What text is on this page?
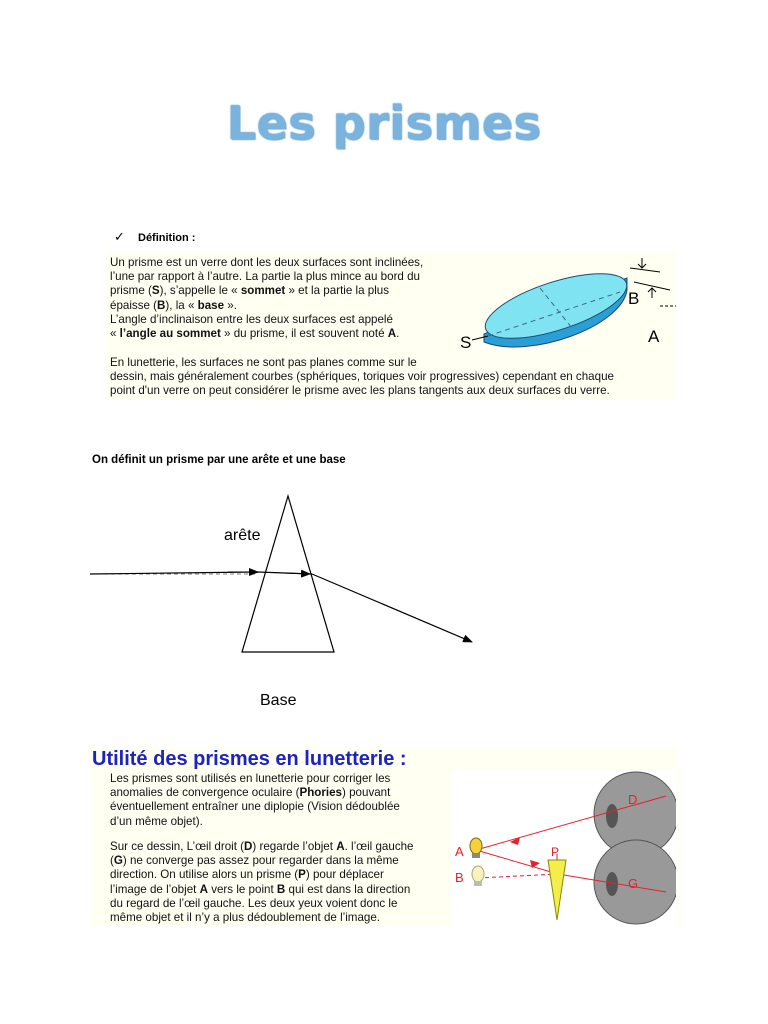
Les prismes
✓ Définition :
Un prisme est un verre dont les deux surfaces sont inclinées,
l’une par rapport à l’autre. La partie la plus mince au bord du
prisme (S), s’appelle le « sommet » et la partie la plus
épaisse (B), la « base ».
L’angle d’inclinaison entre les deux surfaces est appelé
« l’angle au sommet » du prisme, il est souvent noté A.
En lunetterie, les surfaces ne sont pas planes comme sur le
dessin, mais généralement courbes (sphériques, toriques voir progressives) cependant en chaque
point d'un verre on peut considérer le prisme avec les plans tangents aux deux surfaces du verre.
S
B
A
On définit un prisme par une arête et une base
arête
Base
Utilité des prismes en lunetterie :
Les prismes sont utilisés en lunetterie pour corriger les
anomalies de convergence oculaire (Phories) pouvant
éventuellement entraîner une diplopie (Vision dédoublée
d’un même objet).
Sur ce dessin, L’œil droit (D) regarde l’objet A. l’œil gauche
(G) ne converge pas assez pour regarder dans la même
direction. On utilise alors un prisme (P) pour déplacer
l’image de l’objet A vers le point B qui est dans la direction
du regard de l’œil gauche. Les deux yeux voient donc le
même objet et il n’y a plus dédoublement de l’image.
A
B
P
D
G
